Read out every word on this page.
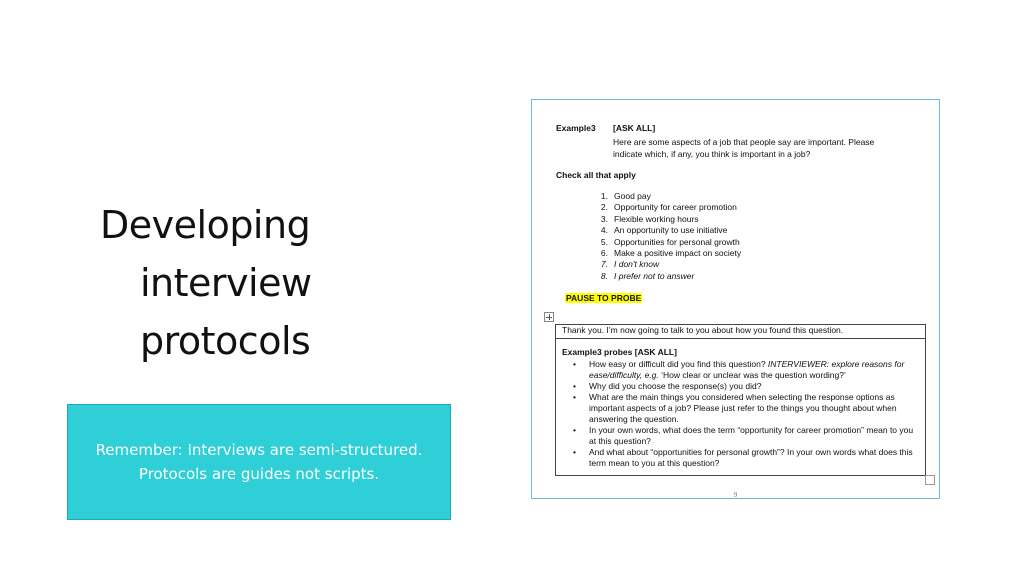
Developing
interview
protocols
Remember: Interviews are semi-structured.
Protocols are guides not scripts.
Example3 [ASK ALL]
Here are some aspects of a job that people say are important. Please indicate which, if any, you think is important in a job?
Check all that apply
1. Good pay
2. Opportunity for career promotion
3. Flexible working hours
4. An opportunity to use initiative
5. Opportunities for personal growth
6. Make a positive impact on society
7. I don't know
8. I prefer not to answer
PAUSE TO PROBE
Thank you. I’m now going to talk to you about how you found this question.
Example3 probes [ASK ALL]
• How easy or difficult did you find this question? INTERVIEWER: explore reasons for ease/difficulty, e.g. ‘How clear or unclear was the question wording?’
• Why did you choose the response(s) you did?
• What are the main things you considered when selecting the response options as important aspects of a job? Please just refer to the things you thought about when answering the question.
• In your own words, what does the term “opportunity for career promotion” mean to you at this question?
• And what about “opportunities for personal growth”? In your own words what does this term mean to you at this question?
9
